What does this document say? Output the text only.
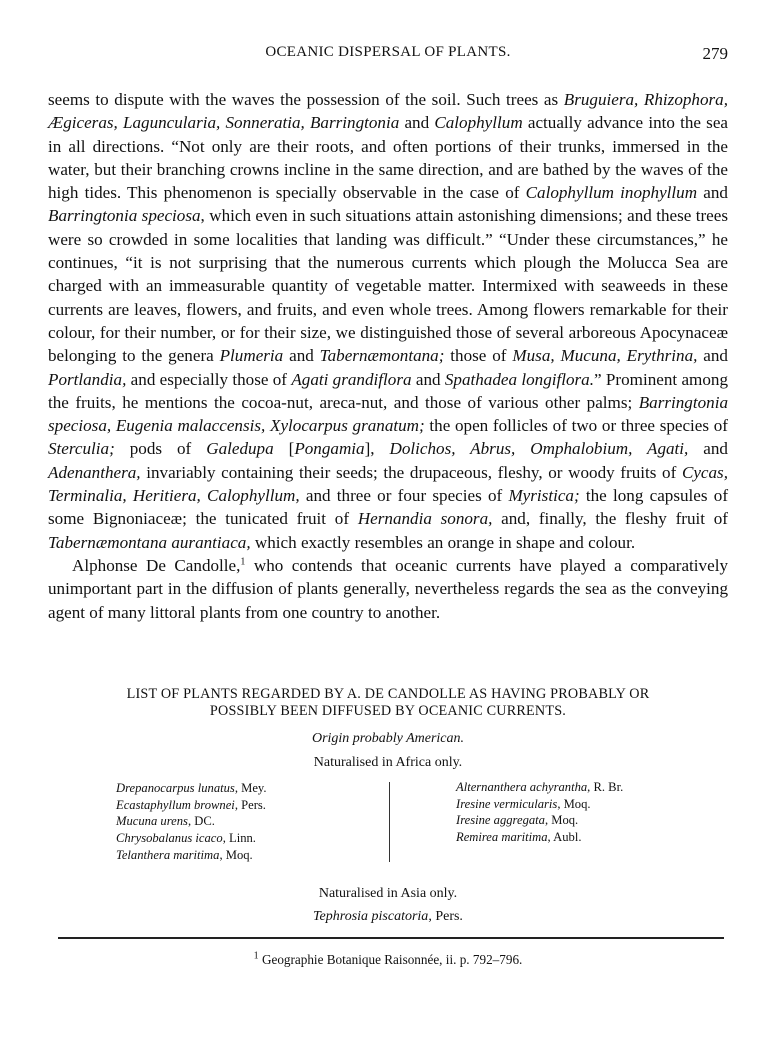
OCEANIC DISPERSAL OF PLANTS.	279

seems to dispute with the waves the possession of the soil. Such trees as Bruguiera, Rhizophora, Ægiceras, Laguncularia, Sonneratia, Barringtonia and Calophyllum actually advance into the sea in all directions. “Not only are their roots, and often portions of their trunks, immersed in the water, but their branching crowns incline in the same direction, and are bathed by the waves of the high tides. This phenomenon is specially observable in the case of Calophyllum inophyllum and Barringtonia speciosa, which even in such situations attain astonishing dimensions; and these trees were so crowded in some localities that landing was difficult.” “Under these circumstances,” he continues, “it is not surprising that the numerous currents which plough the Molucca Sea are charged with an immeasurable quantity of vegetable matter. Intermixed with seaweeds in these currents are leaves, flowers, and fruits, and even whole trees. Among flowers remarkable for their colour, for their number, or for their size, we distinguished those of several arboreous Apocynaceæ belonging to the genera Plumeria and Tabernæmontana; those of Musa, Mucuna, Erythrina, and Portlandia, and especially those of Agati grandiflora and Spathadea longiflora.” Prominent among the fruits, he mentions the cocoa-nut, areca-nut, and those of various other palms; Barringtonia speciosa, Eugenia malaccensis, Xylocarpus granatum; the open follicles of two or three species of Sterculia; pods of Galedupa [Pongamia], Dolichos, Abrus, Omphalobium, Agati, and Adenanthera, invariably containing their seeds; the drupaceous, fleshy, or woody fruits of Cycas, Terminalia, Heritiera, Calophyllum, and three or four species of Myristica; the long capsules of some Bignoniaceæ; the tunicated fruit of Hernandia sonora, and, finally, the fleshy fruit of Tabernæmontana aurantiaca, which exactly resembles an orange in shape and colour.

Alphonse De Candolle,$^1$ who contends that oceanic currents have played a comparatively unimportant part in the diffusion of plants generally, nevertheless regards the sea as the conveying agent of many littoral plants from one country to another.

LIST OF PLANTS REGARDED BY A. DE CANDOLLE AS HAVING PROBABLY OR
POSSIBLY BEEN DIFFUSED BY OCEANIC CURRENTS.
Origin probably American.
Naturalised in Africa only.
Drepanocarpus lunatus, Mey.
Ecastaphyllum brownei, Pers.
Mucuna urens, DC.
Chrysobalanus icaco, Linn.
Telanthera maritima, Moq.
Alternanthera achyrantha, R. Br.
Iresine vermicularis, Moq.
Iresine aggregata, Moq.
Remirea maritima, Aubl.
Naturalised in Asia only.
Tephrosia piscatoria, Pers.
$^1$ Geographie Botanique Raisonnée, ii. p. 792–796.
